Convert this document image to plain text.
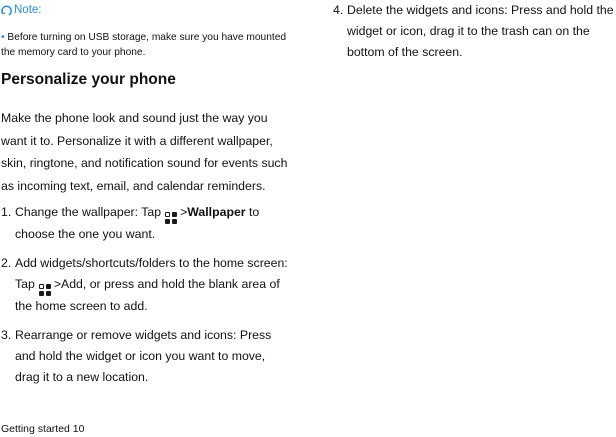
Note:
• Before turning on USB storage, make sure you have mounted the memory card to your phone.
Personalize your phone
Make the phone look and sound just the way you want it to. Personalize it with a different wallpaper, skin, ringtone, and notification sound for events such as incoming text, email, and calendar reminders.
1. Change the wallpaper: Tap >Wallpaper to choose the one you want.
2. Add widgets/shortcuts/folders to the home screen: Tap >Add, or press and hold the blank area of the home screen to add.
3. Rearrange or remove widgets and icons: Press and hold the widget or icon you want to move, drag it to a new location.
4. Delete the widgets and icons: Press and hold the widget or icon, drag it to the trash can on the bottom of the screen.
Getting started 10
